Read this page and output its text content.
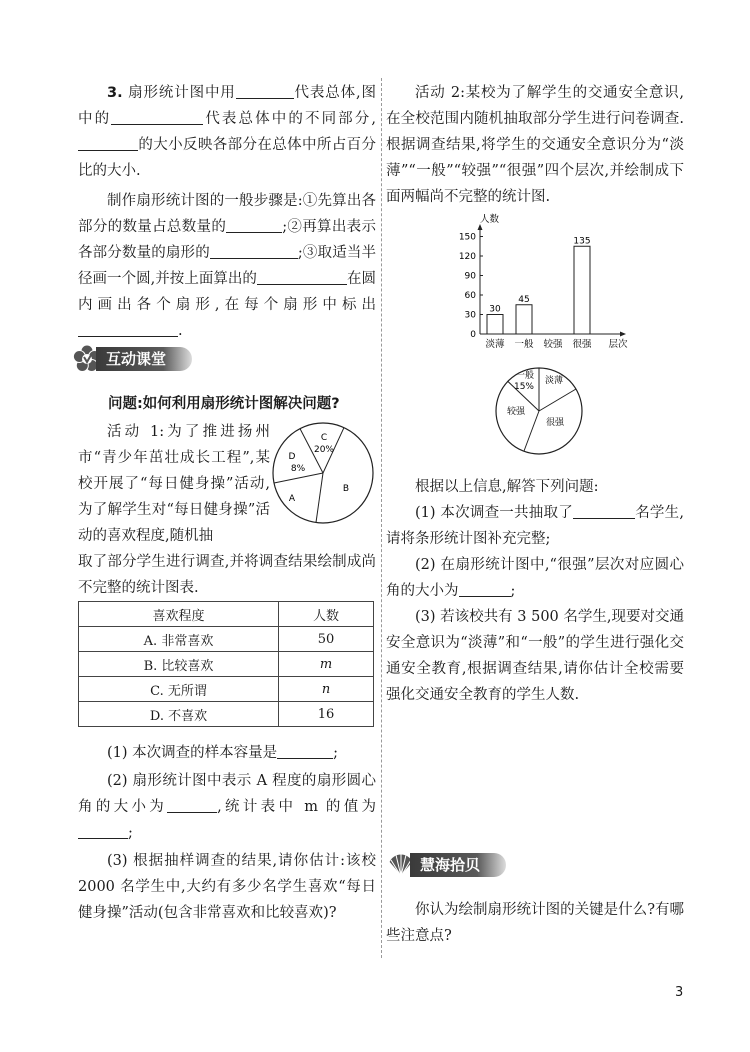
3. 扇形统计图中用	代表总体,图中的	代表总体中的不同部分,的大小反映各部分在总体中所占百分比的大小.

制作扇形统计图的一般步骤是:①先算出各部分的数量占总数量的	;②再算出表示各部分数量的扇形的	;③取适当半径画一个圆,并按上面算出的	在圆内画出各个扇形,在每个扇形中标出.

互动课堂
问题:如何利用扇形统计图解决问题?

活动 1:为了推进扬州市“青少年茁壮成长工程”,某校开展了“每日健身操”活动,为了解学生对“每日健身操”活动的喜欢程度,随机抽

C
20%
D
8%
A
B

取了部分学生进行调查,并将调查结果绘制成尚不完整的统计图表.

喜欢程度	人数
A. 非常喜欢	50
B. 比较喜欢	m
C. 无所谓	n
D. 不喜欢	16

(1) 本次调查的样本容量是	;

(2) 扇形统计图中表示 A 程度的扇形圆心角的大小为	,统计表中 m 的值为;

(3) 根据抽样调查的结果,请你估计:该校 2000 名学生中,大约有多少名学生喜欢“每日健身操”活动(包含非常喜欢和比较喜欢)?

活动 2:某校为了解学生的交通安全意识,在全校范围内随机抽取部分学生进行问卷调查.根据调查结果,将学生的交通安全意识分为“淡薄”“一般”“较强”“很强”四个层次,并绘制成下面两幅尚不完整的统计图.

人数
层次
0
30
60
90
120
150
30
淡薄
45
一般 较强
135
很强
一般
15%
淡薄
很强
较强

根据以上信息,解答下列问题:

(1) 本次调查一共抽取了	名学生,请将条形统计图补充完整;

(2) 在扇形统计图中,“很强”层次对应圆心角的大小为	;

(3) 若该校共有 3 500 名学生,现要对交通安全意识为“淡薄”和“一般”的学生进行强化交通安全教育,根据调查结果,请你估计全校需要强化交通安全教育的学生人数.

慧海拾贝

你认为绘制扇形统计图的关键是什么?有哪些注意点?

3
